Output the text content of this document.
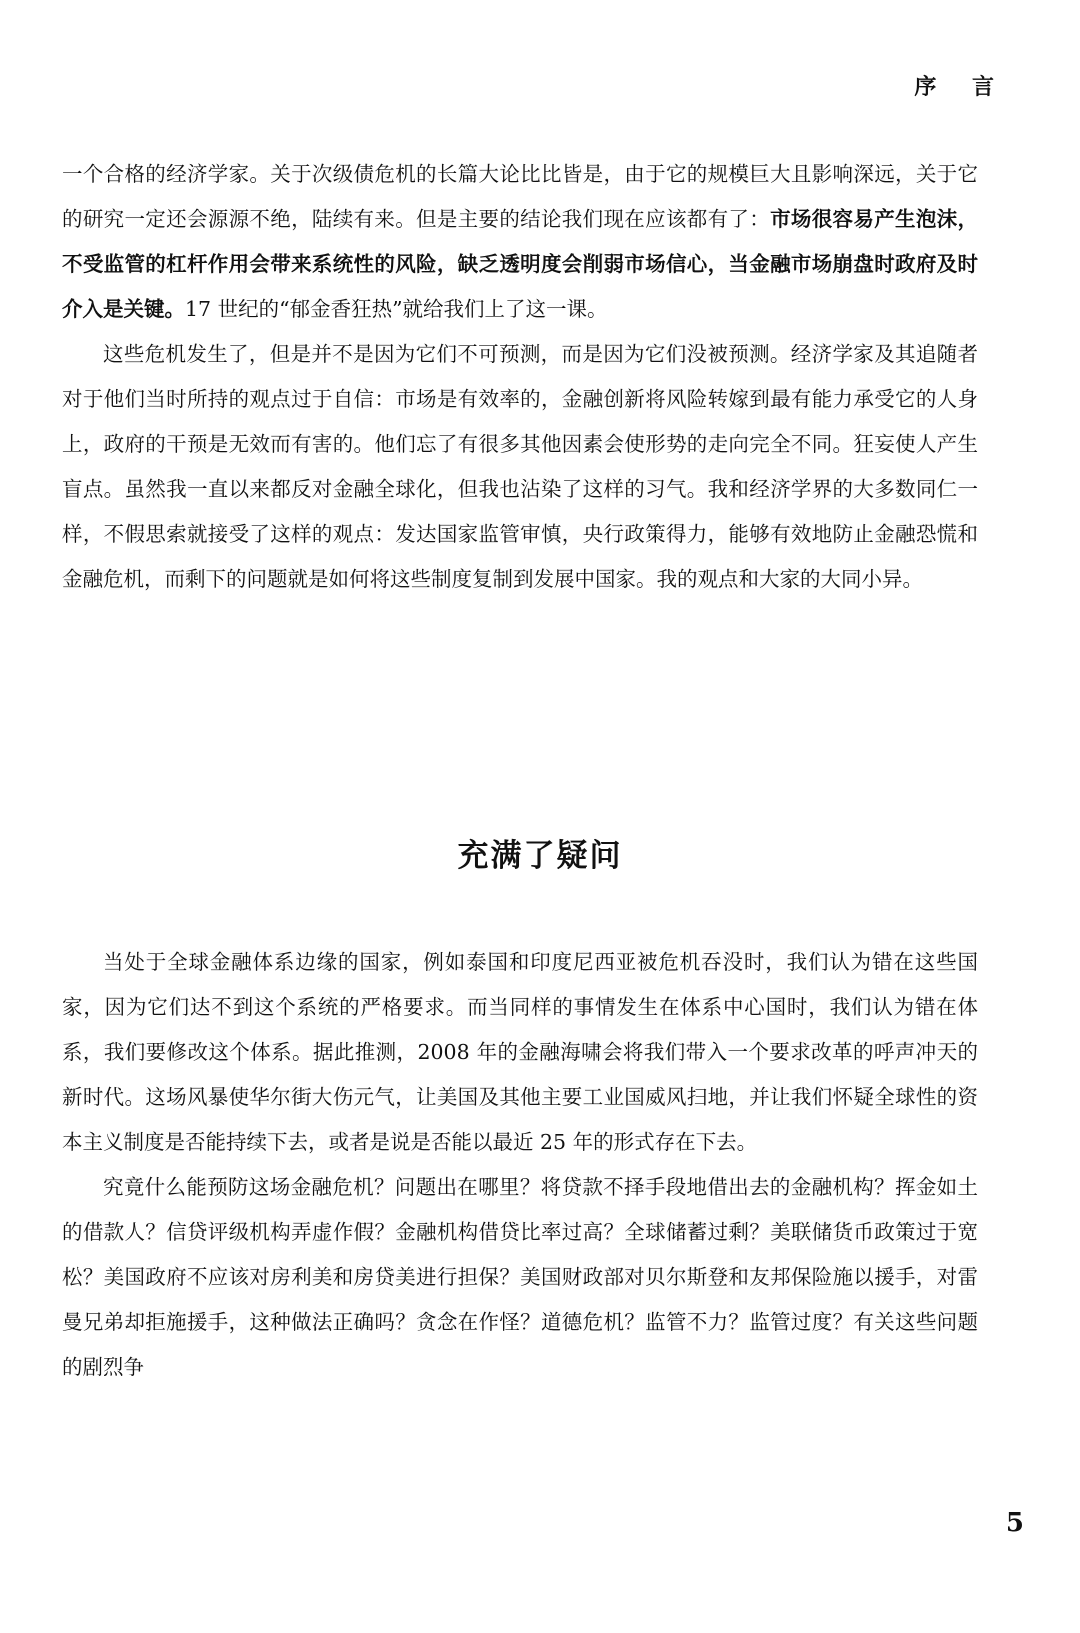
序 言

一个合格的经济学家。关于次级债危机的长篇大论比比皆是，由于它的规模巨大且影响深远，关于它的研究一定还会源源不绝，陆续有来。但是主要的结论我们现在应该都有了：市场很容易产生泡沫，不受监管的杠杆作用会带来系统性的风险，缺乏透明度会削弱市场信心，当金融市场崩盘时政府及时介入是关键。17 世纪的“郁金香狂热”就给我们上了这一课。

这些危机发生了，但是并不是因为它们不可预测，而是因为它们没被预测。经济学家及其追随者对于他们当时所持的观点过于自信：市场是有效率的，金融创新将风险转嫁到最有能力承受它的人身上，政府的干预是无效而有害的。他们忘了有很多其他因素会使形势的走向完全不同。狂妄使人产生盲点。虽然我一直以来都反对金融全球化，但我也沾染了这样的习气。我和经济学界的大多数同仁一样，不假思索就接受了这样的观点：发达国家监管审慎，央行政策得力，能够有效地防止金融恐慌和金融危机，而剩下的问题就是如何将这些制度复制到发展中国家。我的观点和大家的大同小异。

充满了疑问

当处于全球金融体系边缘的国家，例如泰国和印度尼西亚被危机吞没时，我们认为错在这些国家，因为它们达不到这个系统的严格要求。而当同样的事情发生在体系中心国时，我们认为错在体系，我们要修改这个体系。据此推测，2008 年的金融海啸会将我们带入一个要求改革的呼声冲天的新时代。这场风暴使华尔街大伤元气，让美国及其他主要工业国威风扫地，并让我们怀疑全球性的资本主义制度是否能持续下去，或者是说是否能以最近 25 年的形式存在下去。

究竟什么能预防这场金融危机？问题出在哪里？将贷款不择手段地借出去的金融机构？挥金如土的借款人？信贷评级机构弄虚作假？金融机构借贷比率过高？全球储蓄过剩？美联储货币政策过于宽松？美国政府不应该对房利美和房贷美进行担保？美国财政部对贝尔斯登和友邦保险施以援手，对雷曼兄弟却拒施援手，这种做法正确吗？贪念在作怪？道德危机？监管不力？监管过度？有关这些问题的剧烈争

5
